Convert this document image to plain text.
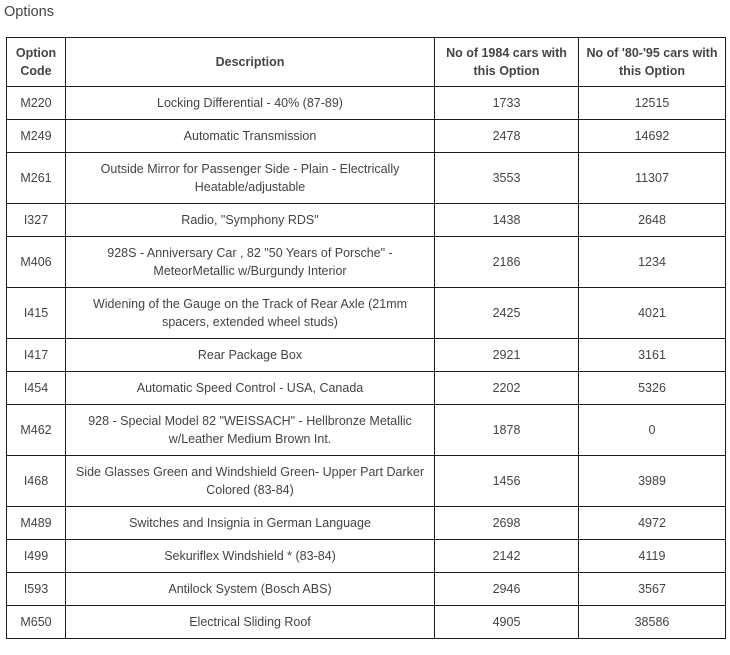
Options
Option Code	Description	No of 1984 cars with this Option	No of '80-'95 cars with this Option
M220	Locking Differential - 40% (87-89)	1733	12515
M249	Automatic Transmission	2478	14692
M261	Outside Mirror for Passenger Side - Plain - Electrically Heatable/adjustable	3553	11307
I327	Radio, "Symphony RDS"	1438	2648
M406	928S - Anniversary Car , 82 "50 Years of Porsche" - MeteorMetallic w/Burgundy Interior	2186	1234
I415	Widening of the Gauge on the Track of Rear Axle (21mm spacers, extended wheel studs)	2425	4021
I417	Rear Package Box	2921	3161
I454	Automatic Speed Control - USA, Canada	2202	5326
M462	928 - Special Model 82 "WEISSACH" - Hellbronze Metallic w/Leather Medium Brown Int.	1878	0
I468	Side Glasses Green and Windshield Green- Upper Part Darker Colored (83-84)	1456	3989
M489	Switches and Insignia in German Language	2698	4972
I499	Sekuriflex Windshield * (83-84)	2142	4119
I593	Antilock System (Bosch ABS)	2946	3567
M650	Electrical Sliding Roof	4905	38586
